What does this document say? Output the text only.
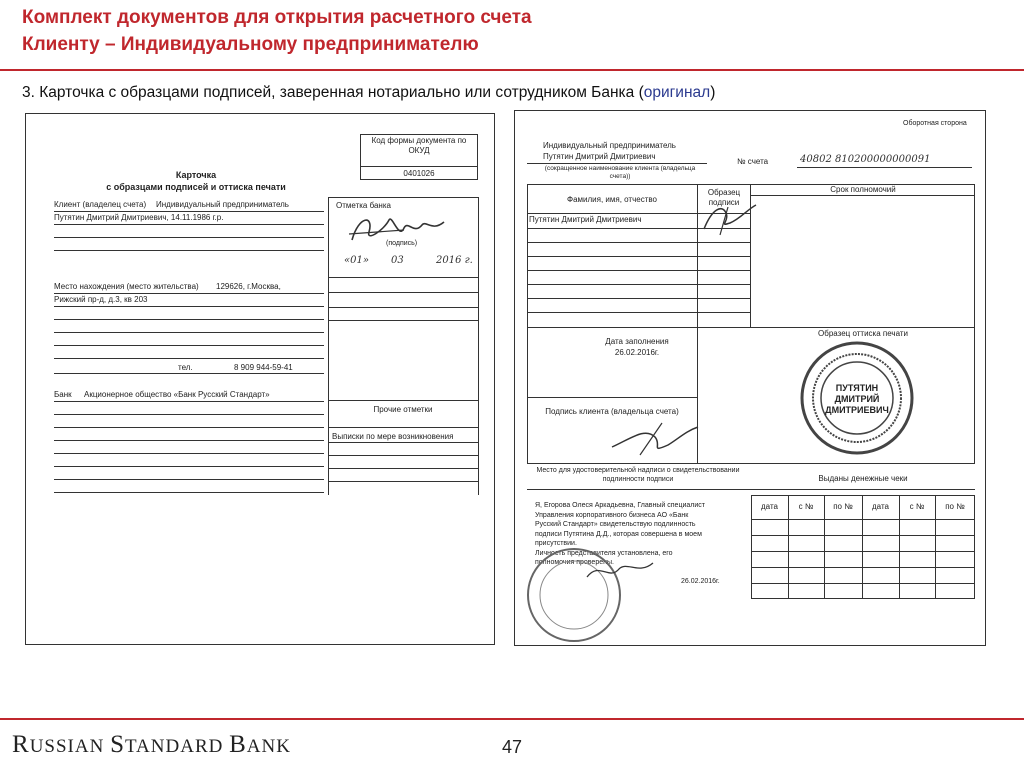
Комплект документов для открытия расчетного счета
Клиенту – Индивидуальному предпринимателю
3. Карточка с образцами подписей, заверенная нотариально или сотрудником Банка (оригинал)
Код формы документа по ОКУД
0401026
Карточка
с образцами подписей и оттиска печати
Клиент (владелец счета) Индивидуальный предприниматель
Путятин Дмитрий Дмитриевич, 14.11.1986 г.р.
Отметка банка
(подпись)
«01» 03	2016 г.
Место нахождения (место жительства) 129626, г.Москва,
Рижский пр-д, д.3, кв 203
тел.	8 909 944-59-41
Банк Акционерное общество «Банк Русский Стандарт»
Прочие отметки
Выписки по мере возникновения
Оборотная сторона
Индивидуальный предприниматель
Путятин Дмитрий Дмитриевич
(сокращенное наименование клиента (владельца счета))
№ счета	40802 810200000000091
Фамилия, имя, отчество
Образец подписи
Срок полномочий
Путятин Дмитрий Дмитриевич
Дата заполнения
26.02.2016г.
Образец оттиска печати
ПУТЯТИН
ДМИТРИЙ
ДМИТРИЕВИЧ
Подпись клиента (владельца счета)
Место для удостоверительной надписи о свидетельствовании подлинности подписи	Выданы денежные чеки
Я, Егорова Олеся Аркадьевна, Главный специалист
Управления корпоративного бизнеса АО «Банк
Русский Стандарт» свидетельствую подлинность
подписи Путятина Д.Д., которая совершена в моем
присутствии.
Личность представителя установлена, его
полномочия проверены.
26.02.2016г.
дата	с №	по №	дата	с №	по №
RUSSIAN STANDARD BANK	47
